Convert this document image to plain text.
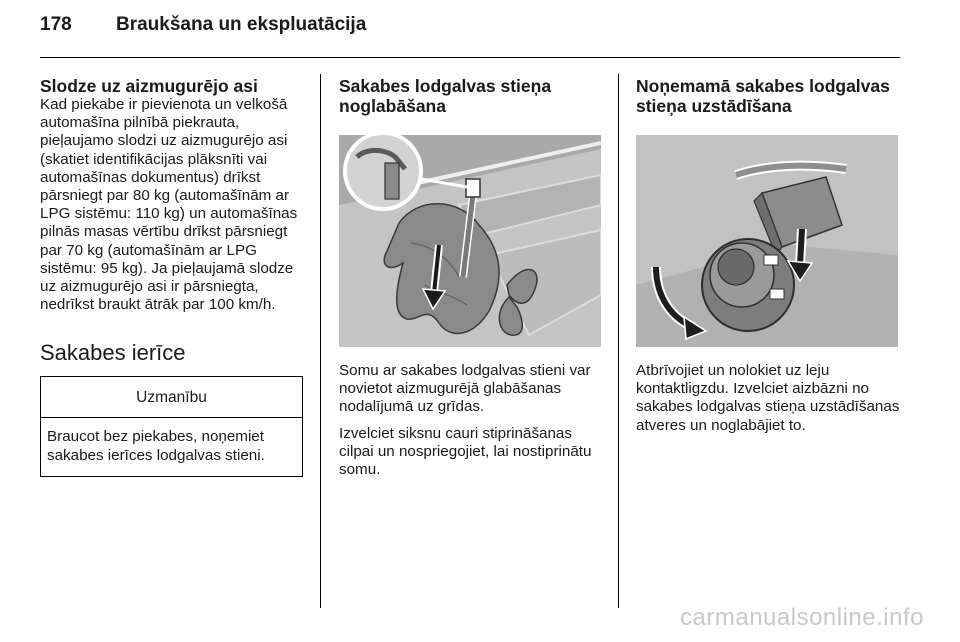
178	Braukšana un ekspluatācija
Slodze uz aizmugurējo asi

Kad piekabe ir pievienota un velkošā automašīna pilnībā piekrauta, pieļaujamo slodzi uz aizmugurējo asi (skatiet identifikācijas plāksnīti vai automašīnas dokumentus) drīkst pārsniegt par 80 kg (automašīnām ar LPG sistēmu: 110 kg) un automašīnas pilnās masas vērtību drīkst pārsniegt par 70 kg (automašīnām ar LPG sistēmu: 95 kg). Ja pieļaujamā slodze uz aizmugurējo asi ir pārsniegta, nedrīkst braukt ātrāk par 100 km/h.

Sakabes ierīce
Uzmanību
Braucot bez piekabes, noņemiet sakabes ierīces lodgalvas stieni.
Sakabes lodgalvas stieņa noglabāšana

Somu ar sakabes lodgalvas stieni var novietot aizmugurējā glabāšanas nodalījumā uz grīdas.

Izvelciet siksnu cauri stiprināšanas cilpai un nospriegojiet, lai nostiprinātu somu.

Noņemamā sakabes lodgalvas stieņa uzstādīšana

Atbrīvojiet un nolokiet uz leju kontaktligzdu. Izvelciet aizbāzni no sakabes lodgalvas stieņa uzstādīšanas atveres un noglabājiet to.

carmanualsonline.info
